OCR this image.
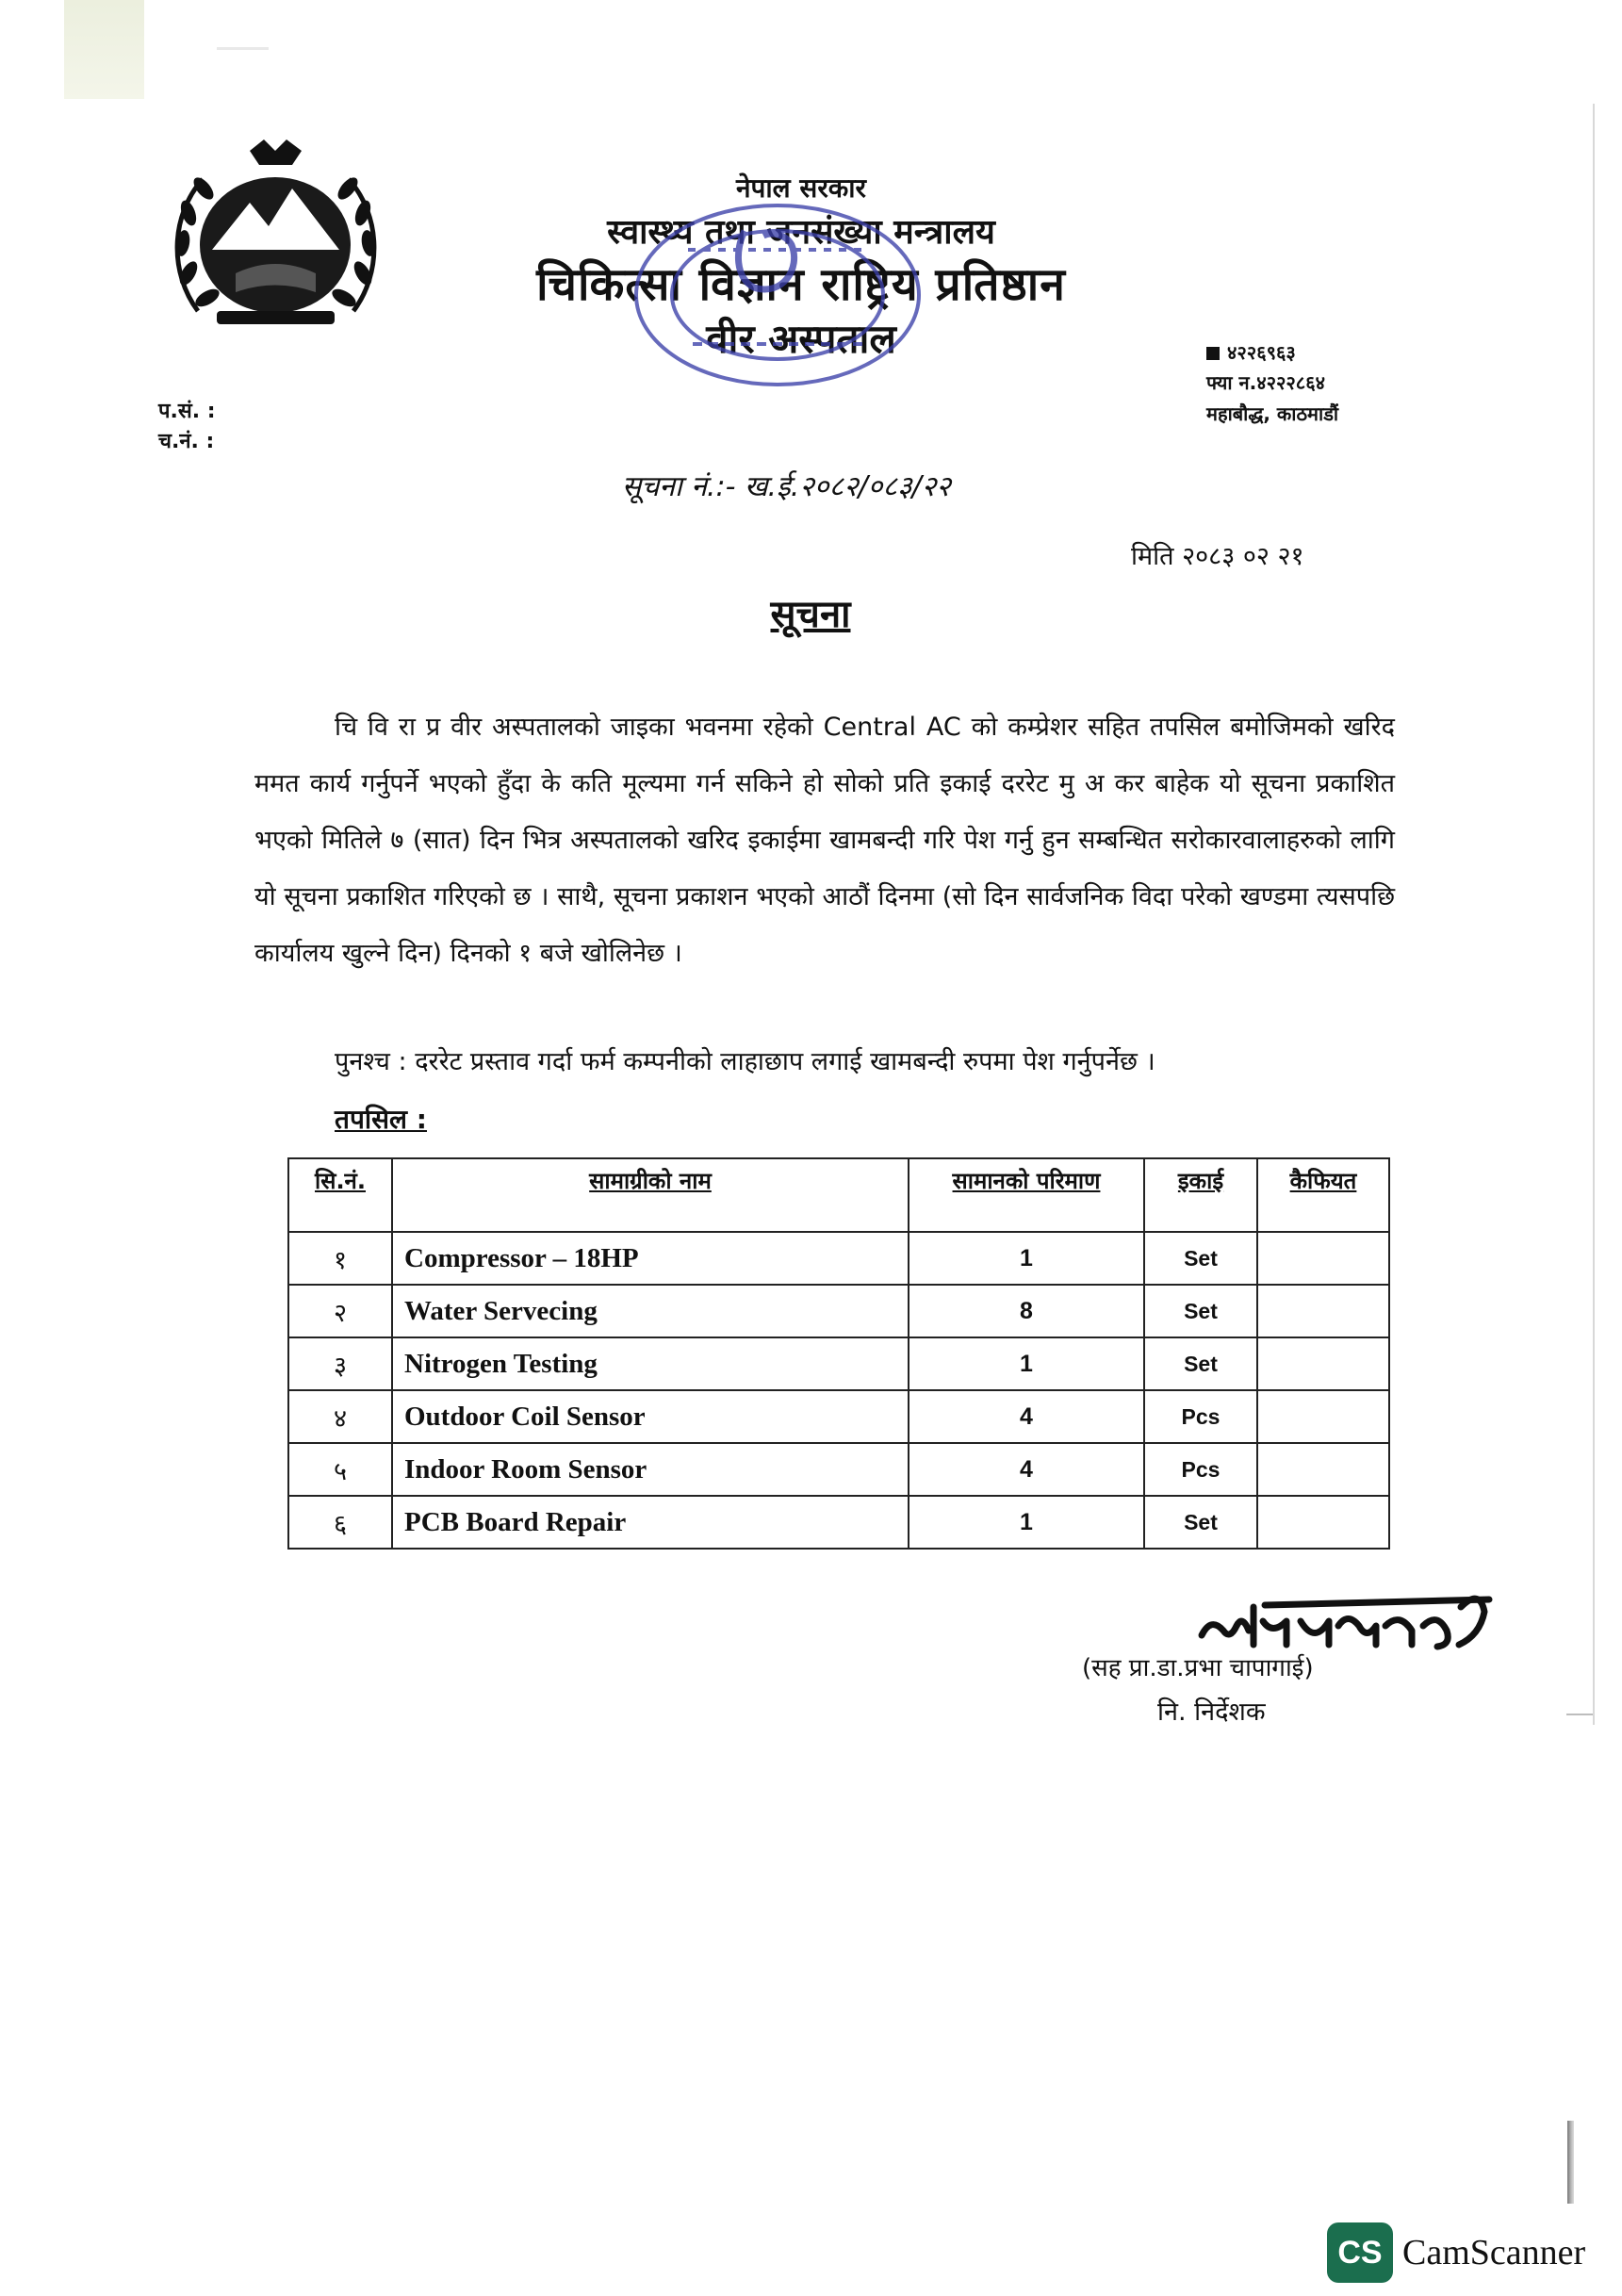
नेपाल सरकार
स्वास्थ्य तथा जनसंख्या मन्त्रालय
चिकित्सा विज्ञान राष्ट्रिय प्रतिष्ठान
वीर अस्पताल	४२२६९६३
फ्या न.४२२२८६४
महाबौद्ध, काठमाडौं
प.सं. :
च.नं. :
सूचना नं.:- ख.ई.२०८२/०८३/२२
मिति २०८३ ०२ २१
सूचना
चि वि रा प्र वीर अस्पतालको जाइका भवनमा रहेको Central AC को कम्प्रेशर सहित तपसिल बमोजिमको खरिद ममत कार्य गर्नुपर्ने भएको हुँदा के कति मूल्यमा गर्न सकिने हो सोको प्रति इकाई दररेट मु अ कर बाहेक यो सूचना प्रकाशित भएको मितिले ७ (सात) दिन भित्र अस्पतालको खरिद इकाईमा खामबन्दी गरि पेश गर्नु हुन सम्बन्धित सरोकारवालाहरुको लागि यो सूचना प्रकाशित गरिएको छ । साथै, सूचना प्रकाशन भएको आठौं दिनमा (सो दिन सार्वजनिक विदा परेको खण्डमा त्यसपछि कार्यालय खुल्ने दिन) दिनको १ बजे खोलिनेछ ।
पुनश्च : दररेट प्रस्ताव गर्दा फर्म कम्पनीको लाहाछाप लगाई खामबन्दी रुपमा पेश गर्नुपर्नेछ ।
तपसिल :
सि.नं.	सामाग्रीको नाम	सामानको परिमाण	इकाई	कैफियत
१	Compressor – 18HP	1	Set	
२	Water Servecing	8	Set	
३	Nitrogen Testing	1	Set	
४	Outdoor Coil Sensor	4	Pcs	
५	Indoor Room Sensor	4	Pcs	
६	PCB Board Repair	1	Set	
(सह प्रा.डा.प्रभा चापागाई)
नि. निर्देशक
CS CamScanner
